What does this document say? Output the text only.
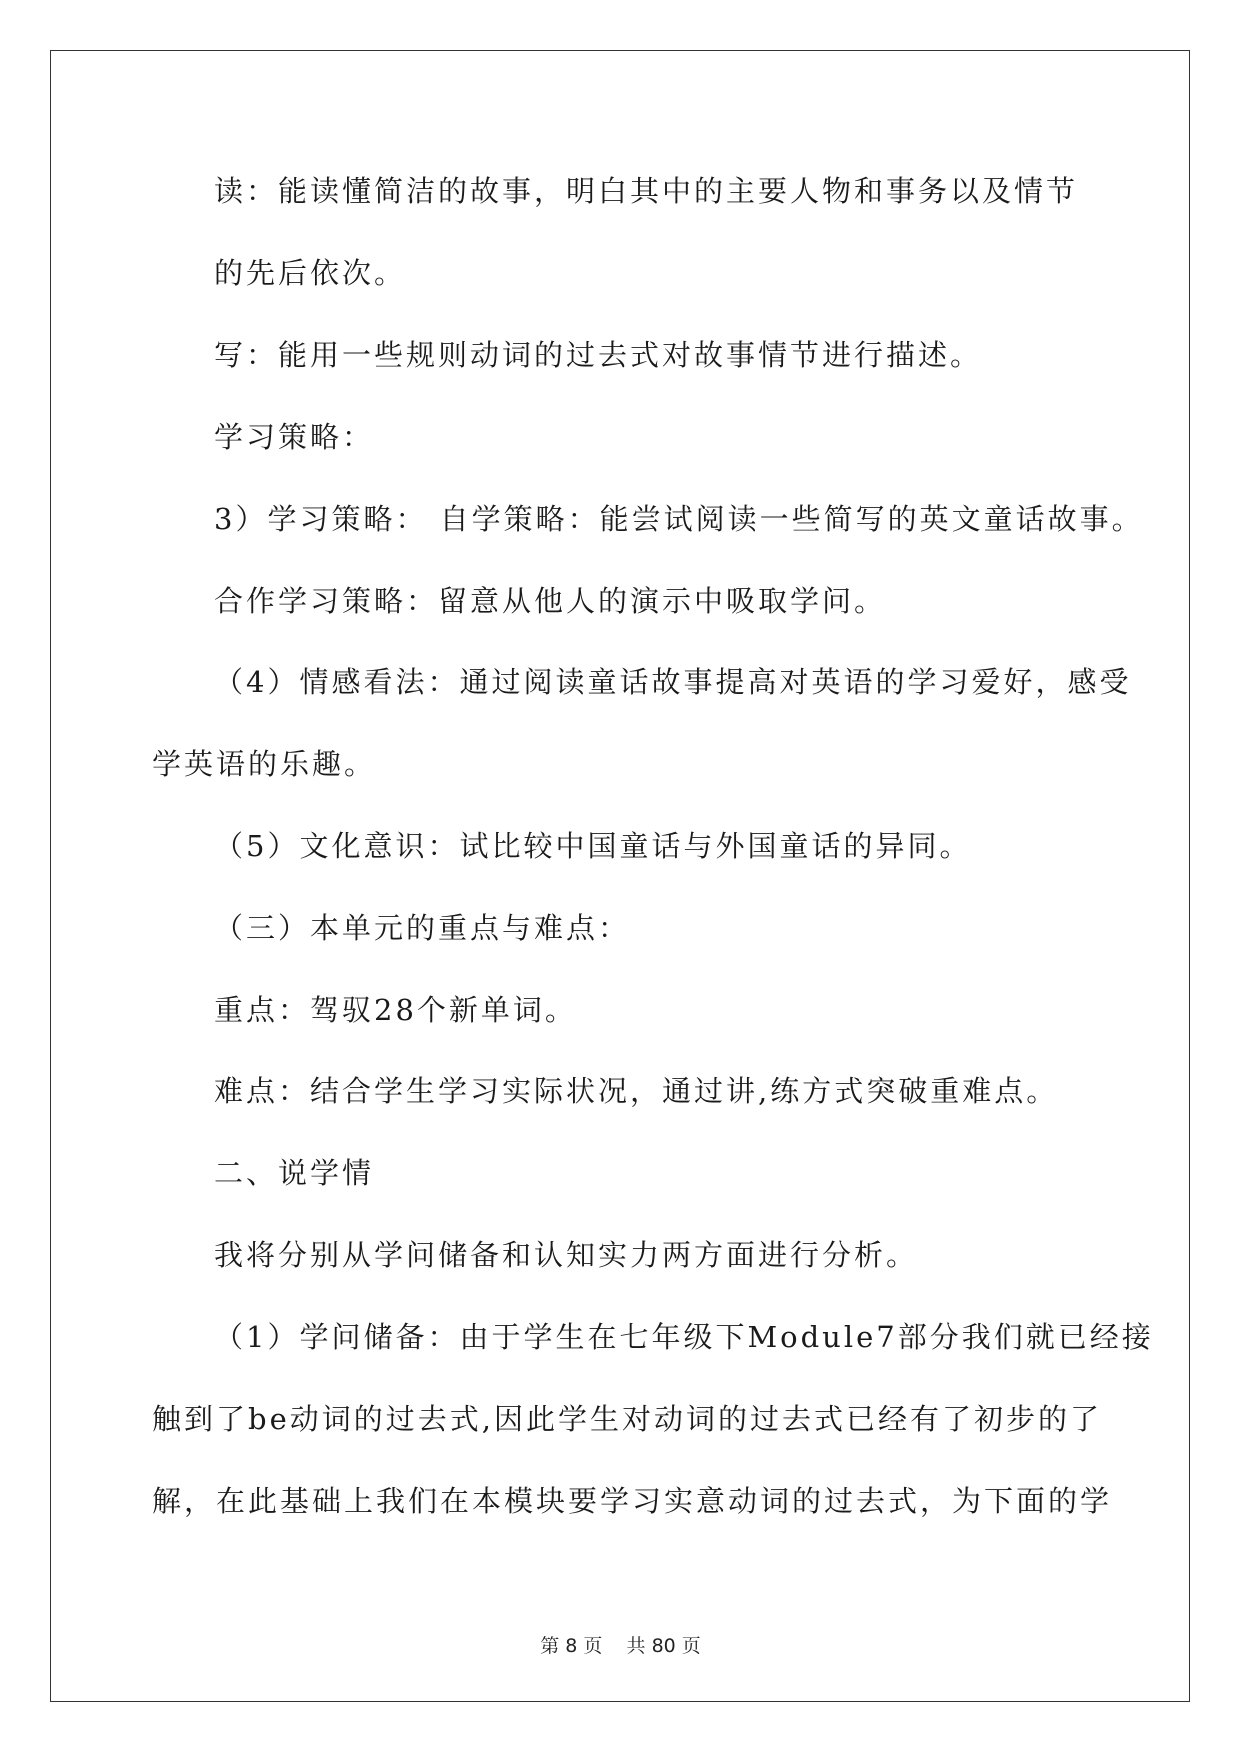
读：能读懂简洁的故事，明白其中的主要人物和事务以及情节
的先后依次。
写：能用一些规则动词的过去式对故事情节进行描述。
学习策略：
3）学习策略： 自学策略：能尝试阅读一些简写的英文童话故事。
合作学习策略：留意从他人的演示中吸取学问。
（4）情感看法：通过阅读童话故事提高对英语的学习爱好，感受
学英语的乐趣。
（5）文化意识：试比较中国童话与外国童话的异同。
（三）本单元的重点与难点：
重点：驾驭28个新单词。
难点：结合学生学习实际状况，通过讲,练方式突破重难点。
二、说学情
我将分别从学问储备和认知实力两方面进行分析。
（1）学问储备：由于学生在七年级下Module7部分我们就已经接
触到了be动词的过去式,因此学生对动词的过去式已经有了初步的了
解，在此基础上我们在本模块要学习实意动词的过去式，为下面的学
第 8 页    共 80 页
